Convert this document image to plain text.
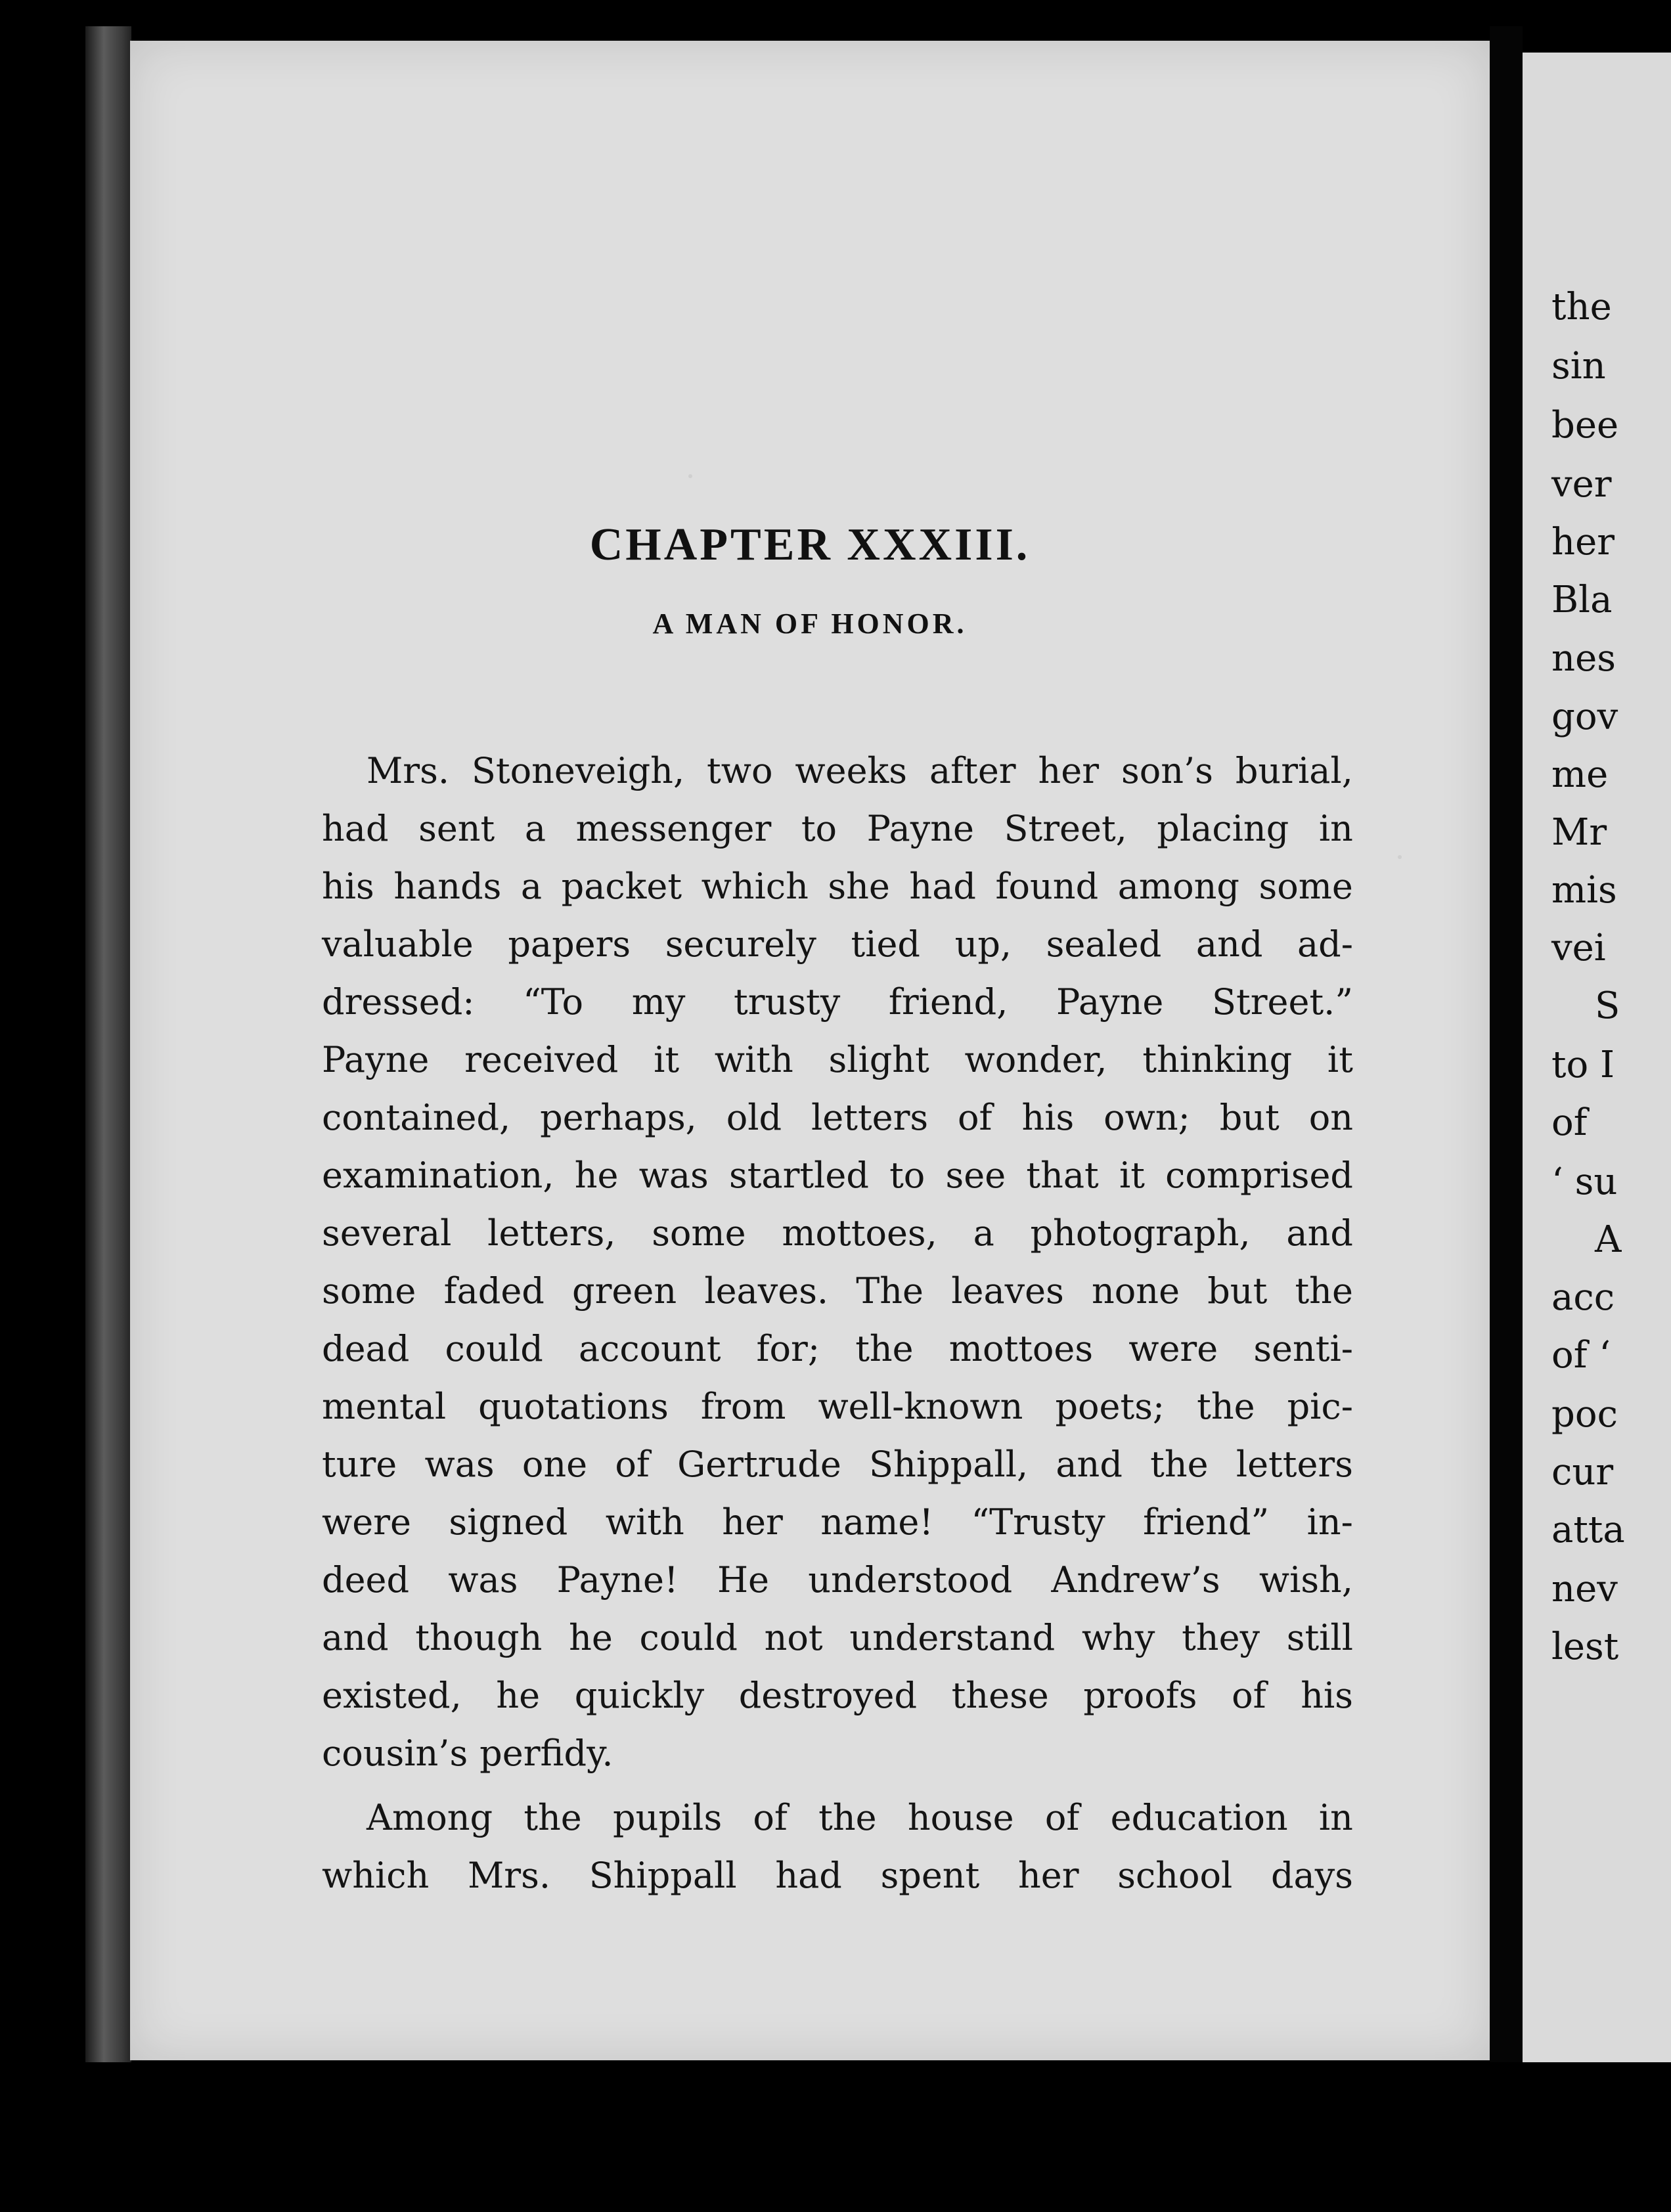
CHAPTER XXXIII.
A MAN OF HONOR.
Mrs. Stoneveigh, two weeks after her son’s burial,
had sent a messenger to Payne Street, placing in
his hands a packet which she had found among some
valuable papers securely tied up, sealed and ad-
dressed: “To my trusty friend, Payne Street.”
Payne received it with slight wonder, thinking it
contained, perhaps, old letters of his own; but on
examination, he was startled to see that it comprised
several letters, some mottoes, a photograph, and
some faded green leaves. The leaves none but the
dead could account for; the mottoes were senti-
mental quotations from well-known poets; the pic-
ture was one of Gertrude Shippall, and the letters
were signed with her name! “Trusty friend” in-
deed was Payne! He understood Andrew’s wish,
and though he could not understand why they still
existed, he quickly destroyed these proofs of his
cousin’s perfidy.
Among the pupils of the house of education in
which Mrs. Shippall had spent her school days
the
sin
bee
ver
her
Bla
nes
gov
me
Mr
mis
vei
S
to I
of
‘ su
A
acc
of ‘
poc
cur
atta
nev
lest
